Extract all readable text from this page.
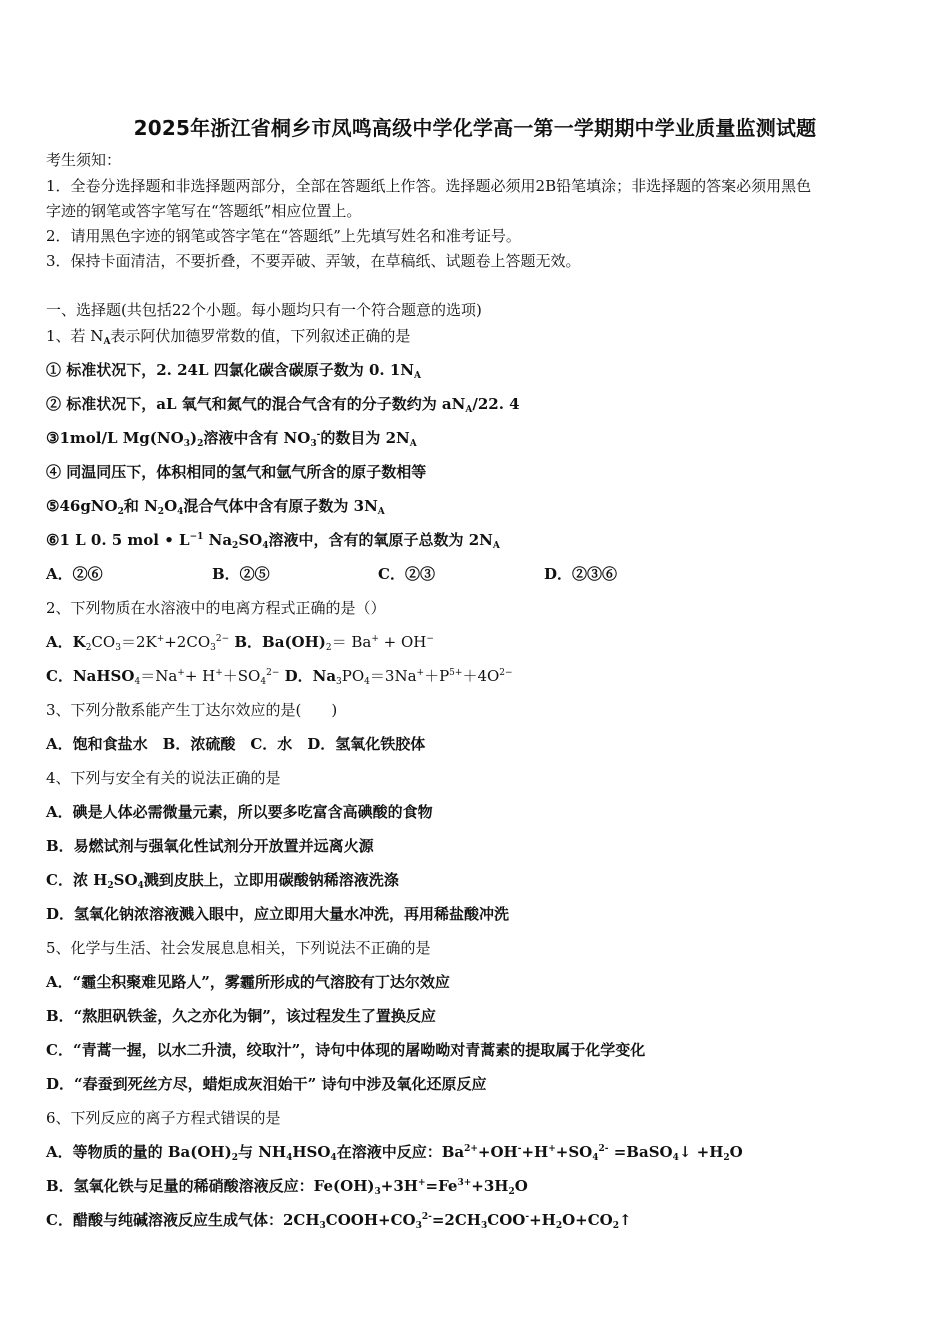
2025年浙江省桐乡市凤鸣高级中学化学高一第一学期期中学业质量监测试题
考生须知：
1．全卷分选择题和非选择题两部分，全部在答题纸上作答。选择题必须用2B铅笔填涂；非选择题的答案必须用黑色
字迹的钢笔或答字笔写在“答题纸”相应位置上。
2．请用黑色字迹的钢笔或答字笔在“答题纸”上先填写姓名和准考证号。
3．保持卡面清洁，不要折叠，不要弄破、弄皱，在草稿纸、试题卷上答题无效。
一、选择题(共包括22个小题。每小题均只有一个符合题意的选项)
1、若 $N_A$表示阿伏加德罗常数的值，下列叙述正确的是
① 标准状况下，2. 24L 四氯化碳含碳原子数为 0. $1N_A$
② 标准状况下，aL 氧气和氮气的混合气含有的分子数约为 $aN_A/22$. 4
③1mol/L $Mg(NO_3)_2$溶液中含有 $NO_3^-$的数目为 $2N_A$
④ 同温同压下，体积相同的氢气和氩气所含的原子数相等
⑤46gNO$_2$和 $N_2O_4$混合气体中含有原子数为 $3N_A$
⑥1 L 0. 5 mol • $L^{-1}$ $Na_2SO_4$溶液中，含有的氧原子总数为 $2N_A$
A．②⑥	B．②⑤	C．②③	D．②③⑥
2、下列物质在水溶液中的电离方程式正确的是（）
A．$K_2CO_3=2K^++2CO_3^{2-}$ B．$Ba(OH)_2= Ba^+ + OH^-$
C．NaHSO$_4$＝Na++ $H^++SO_4^{2-}$ D．$Na_3PO_4=3Na^++P^{5+}+4O^{2-}$
3、下列分散系能产生丁达尔效应的是(　　)
A．饱和食盐水　B．浓硫酸　C．水　D．氢氧化铁胶体
4、下列与安全有关的说法正确的是
A．碘是人体必需微量元素，所以要多吃富含高碘酸的食物
B．易燃试剂与强氧化性试剂分开放置并远离火源
C．浓 $H_2SO_4$溅到皮肤上，立即用碳酸钠稀溶液洗涤
D．氢氧化钠浓溶液溅入眼中，应立即用大量水冲洗，再用稀盐酸冲洗
5、化学与生活、社会发展息息相关，下列说法不正确的是
A．“霾尘积聚难见路人”，雾霾所形成的气溶胶有丁达尔效应
B．“熬胆矾铁釜，久之亦化为铜”，该过程发生了置换反应
C．“青蒿一握，以水二升渍，绞取汁”，诗句中体现的屠呦呦对青蒿素的提取属于化学变化
D．“春蚕到死丝方尽，蜡炬成灰泪始干” 诗句中涉及氧化还原反应
6、下列反应的离子方程式错误的是
A．等物质的量的 $Ba(OH)_2$与 $NH_4HSO_4$在溶液中反应：$Ba^{2+}+OH^-+H^++SO_4^{2-}$ =BaSO$_4$↓ $+H_2O$
B．氢氧化铁与足量的稀硝酸溶液反应：$Fe(OH)_3+3H^+=Fe^{3+}+3H_2O$
C．醋酸与纯碱溶液反应生成气体：$2CH_3COOH+CO_3^{2-}=2CH_3COO^-+H_2O+CO_2↑$
